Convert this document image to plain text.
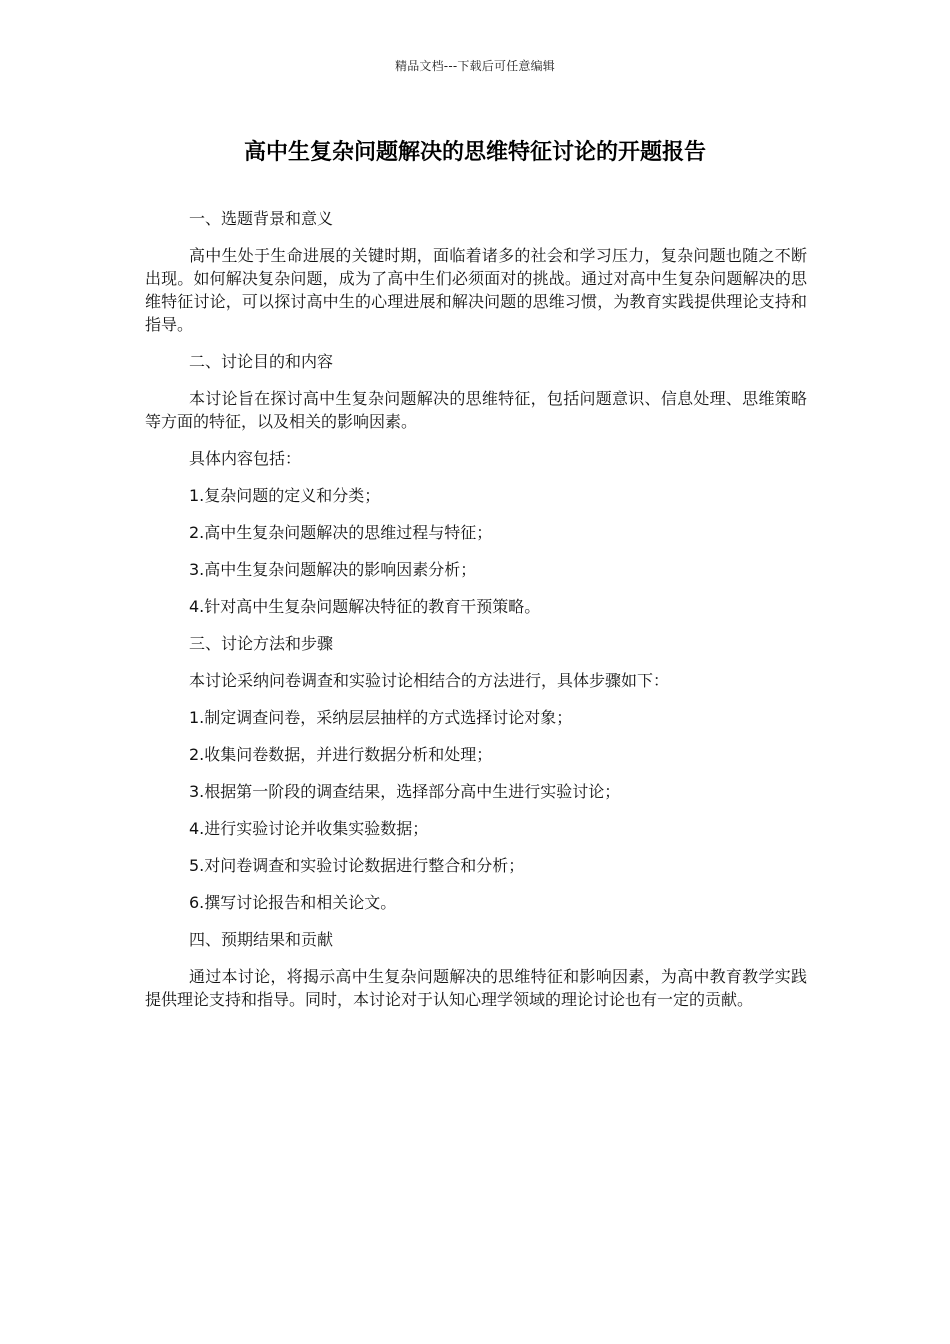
精品文档---下载后可任意编辑
高中生复杂问题解决的思维特征讨论的开题报告

一、选题背景和意义

高中生处于生命进展的关键时期，面临着诸多的社会和学习压力，复杂问题也随之不断出现。如何解决复杂问题，成为了高中生们必须面对的挑战。通过对高中生复杂问题解决的思维特征讨论，可以探讨高中生的心理进展和解决问题的思维习惯，为教育实践提供理论支持和指导。

二、讨论目的和内容

本讨论旨在探讨高中生复杂问题解决的思维特征，包括问题意识、信息处理、思维策略等方面的特征，以及相关的影响因素。

具体内容包括：

1.复杂问题的定义和分类；

2.高中生复杂问题解决的思维过程与特征；

3.高中生复杂问题解决的影响因素分析；

4.针对高中生复杂问题解决特征的教育干预策略。

三、讨论方法和步骤

本讨论采纳问卷调查和实验讨论相结合的方法进行，具体步骤如下：

1.制定调查问卷，采纳层层抽样的方式选择讨论对象；

2.收集问卷数据，并进行数据分析和处理；

3.根据第一阶段的调查结果，选择部分高中生进行实验讨论；

4.进行实验讨论并收集实验数据；

5.对问卷调查和实验讨论数据进行整合和分析；

6.撰写讨论报告和相关论文。

四、预期结果和贡献

通过本讨论，将揭示高中生复杂问题解决的思维特征和影响因素，为高中教育教学实践提供理论支持和指导。同时，本讨论对于认知心理学领域的理论讨论也有一定的贡献。
